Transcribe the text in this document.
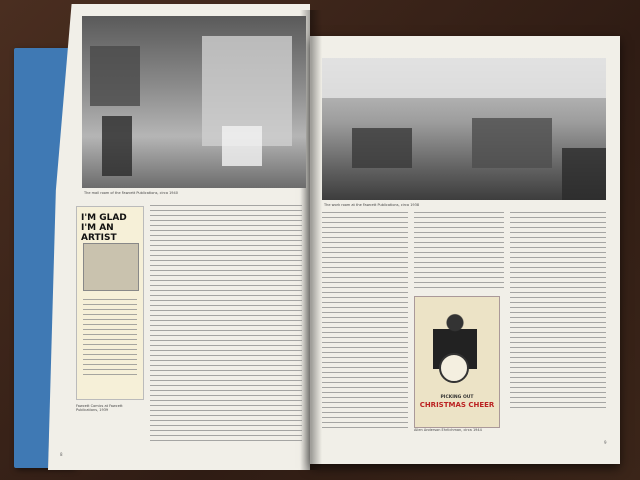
The mail room of the Fawcett Publications, circa 1940
The work room at the Fawcett Publications, circa 1938
I'M GLAD I'M AN ARTIST
Fawcett Comics at Fawcett Publications, 1939
8
PICKING OUT
CHRISTMAS CHEER
Allen Anderson Ehrlichman, circa 1944
9
